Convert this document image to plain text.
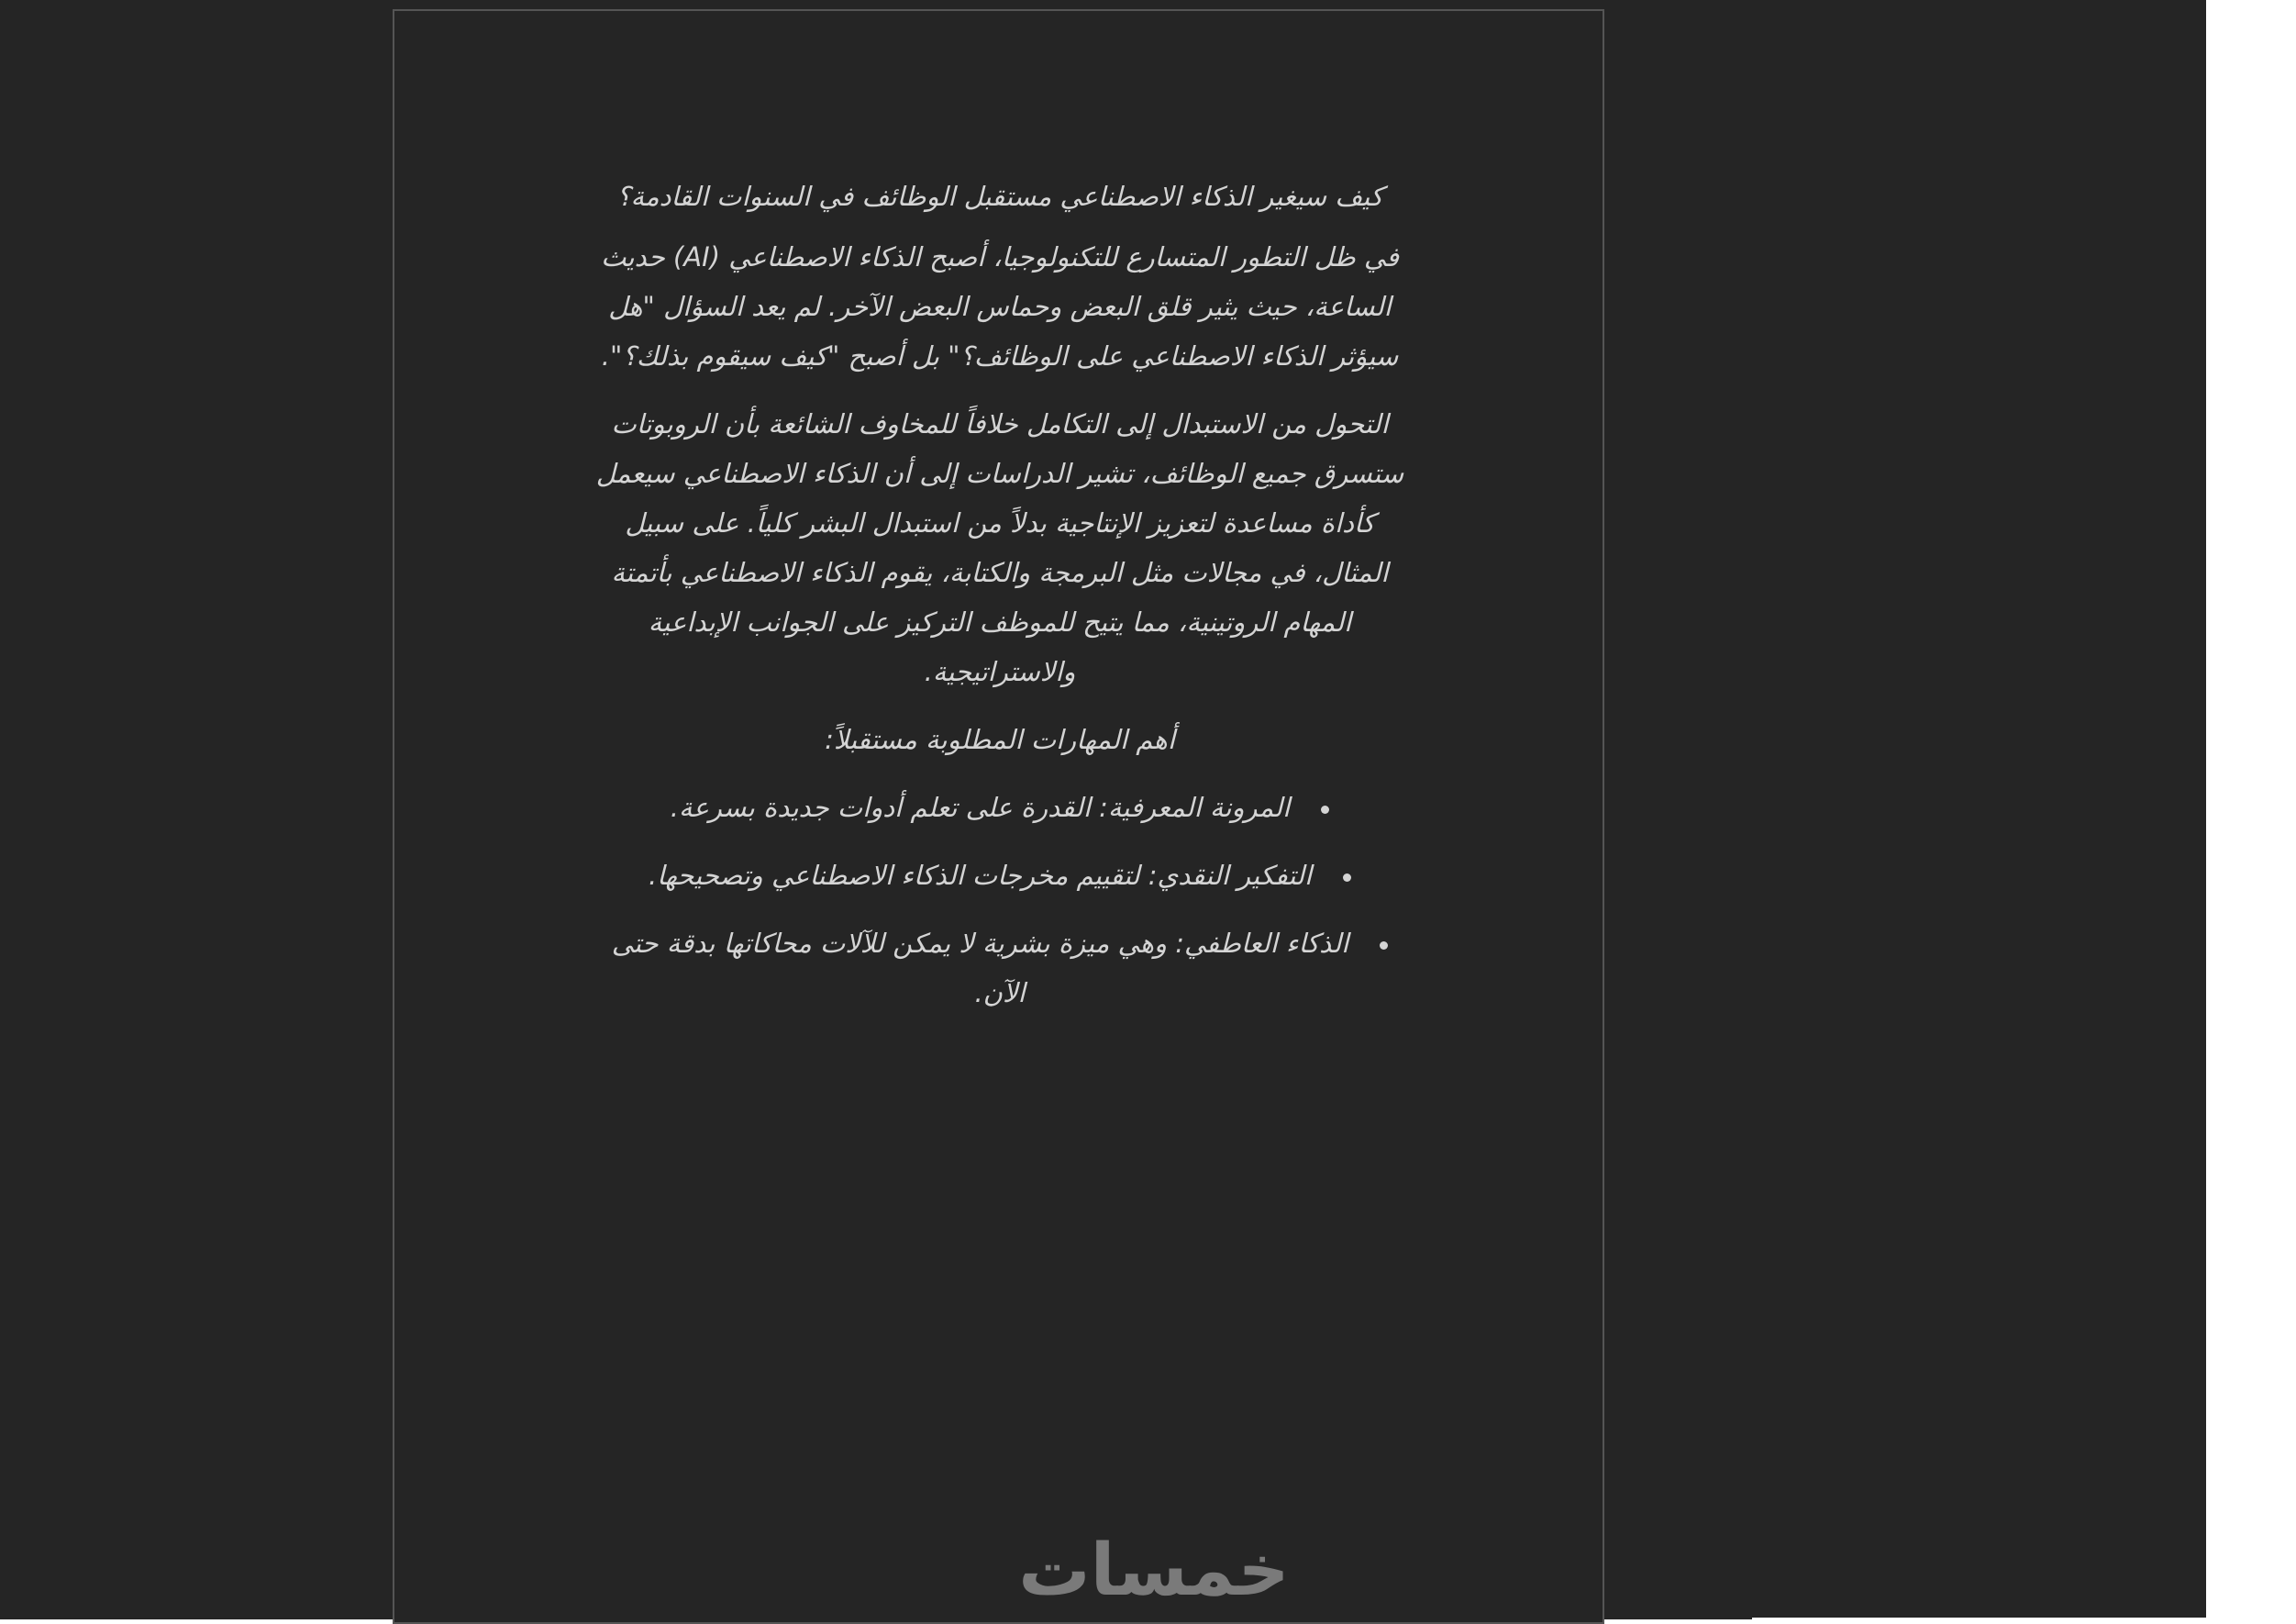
كيف سيغير الذكاء الاصطناعي مستقبل الوظائف في السنوات القادمة؟

في ظل التطور المتسارع للتكنولوجيا، أصبح الذكاء الاصطناعي (AI) حديث الساعة، حيث يثير قلق البعض وحماس البعض الآخر. لم يعد السؤال "هل سيؤثر الذكاء الاصطناعي على الوظائف؟" بل أصبح "كيف سيقوم بذلك؟".

التحول من الاستبدال إلى التكامل خلافاً للمخاوف الشائعة بأن الروبوتات ستسرق جميع الوظائف، تشير الدراسات إلى أن الذكاء الاصطناعي سيعمل كأداة مساعدة لتعزيز الإنتاجية بدلاً من استبدال البشر كلياً. على سبيل المثال، في مجالات مثل البرمجة والكتابة، يقوم الذكاء الاصطناعي بأتمتة المهام الروتينية، مما يتيح للموظف التركيز على الجوانب الإبداعية والاستراتيجية.

أهم المهارات المطلوبة مستقبلاً:

المرونة المعرفية: القدرة على تعلم أدوات جديدة بسرعة.
التفكير النقدي: لتقييم مخرجات الذكاء الاصطناعي وتصحيحها.
الذكاء العاطفي: وهي ميزة بشرية لا يمكن للآلات محاكاتها بدقة حتى الآن.
خمسات
